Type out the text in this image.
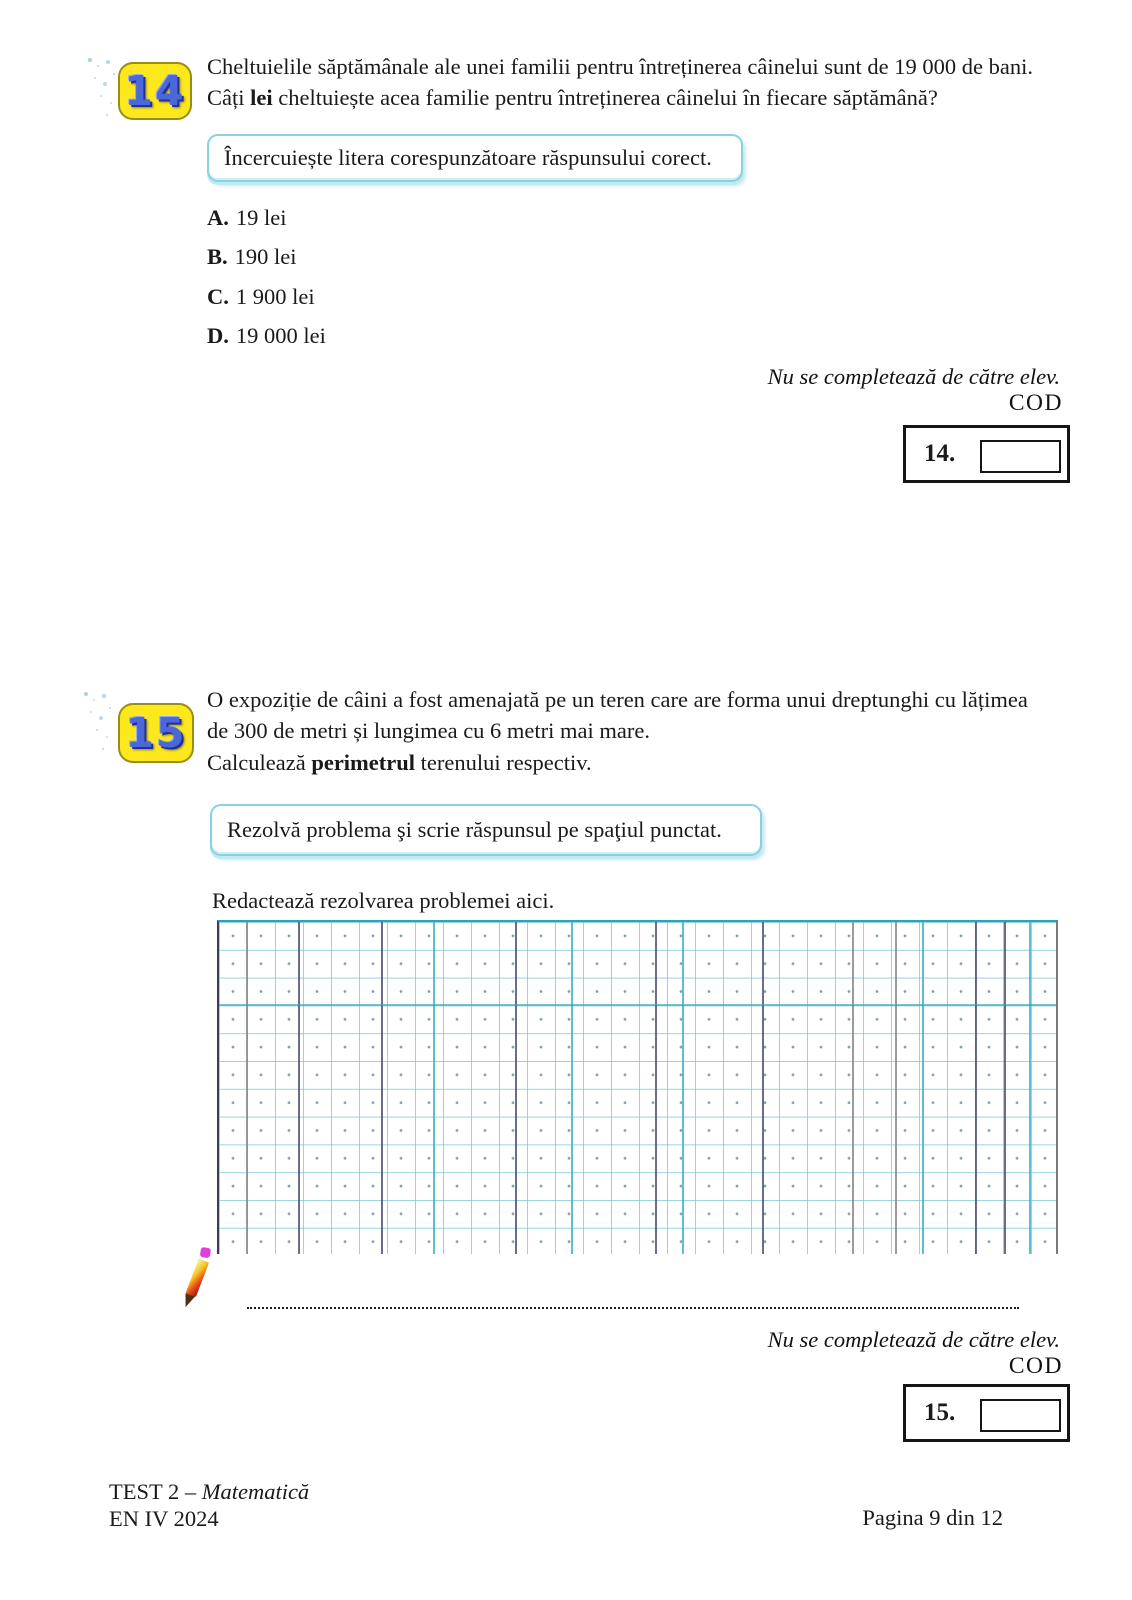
14
Cheltuielile săptămânale ale unei familii pentru întreținerea câinelui sunt de 19 000 de bani.
Câți lei cheltuiește acea familie pentru întreținerea câinelui în fiecare săptămână?
Încercuiește litera corespunzătoare răspunsului corect.
A. 19 lei
B. 190 lei
C. 1 900 lei
D. 19 000 lei
Nu se completează de către elev.
COD
14.
15
O expoziție de câini a fost amenajată pe un teren care are forma unui dreptunghi cu lățimea
de 300 de metri și lungimea cu 6 metri mai mare.
Calculează perimetrul terenului respectiv.
Rezolvă problema şi scrie răspunsul pe spaţiul punctat.
Redactează rezolvarea problemei aici.
Nu se completează de către elev.
COD
15.
TEST 2 – Matematică
EN IV 2024	Pagina 9 din 12
